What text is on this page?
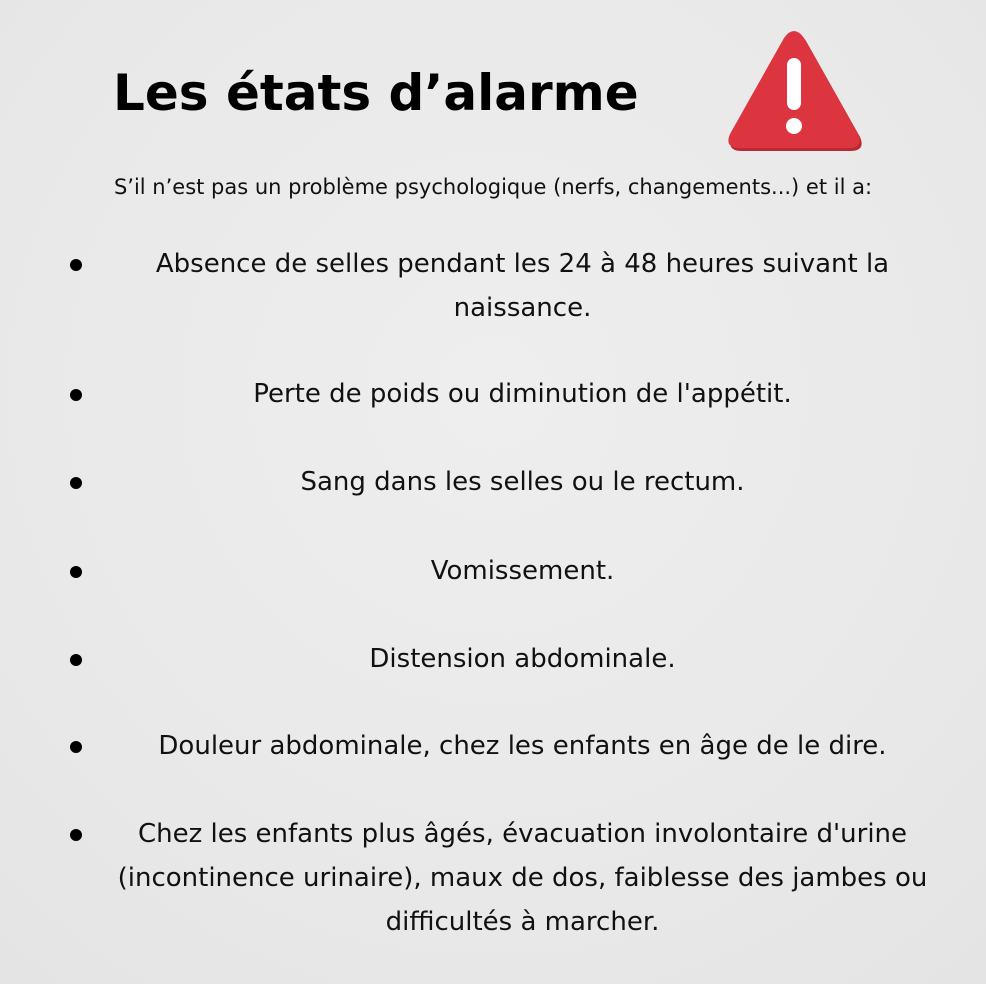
Les états d’alarme
S’il n’est pas un problème psychologique (nerfs, changements...) et il a:
Absence de selles pendant les 24 à 48 heures suivant la naissance.
Perte de poids ou diminution de l'appétit.
Sang dans les selles ou le rectum.
Vomissement.
Distension abdominale.
Douleur abdominale, chez les enfants en âge de le dire.
Chez les enfants plus âgés, évacuation involontaire d'urine (incontinence urinaire), maux de dos, faiblesse des jambes ou difficultés à marcher.
